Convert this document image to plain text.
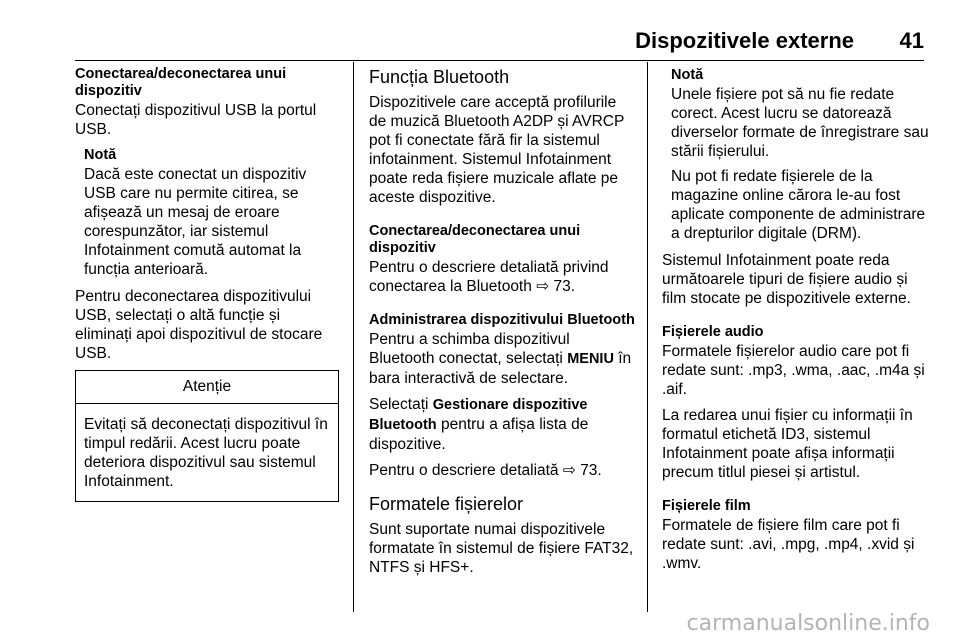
Dispozitivele externe 41
Conectarea/deconectarea unui dispozitiv

Conectați dispozitivul USB la portul USB.

Notă

Dacă este conectat un dispozitiv USB care nu permite citirea, se afișează un mesaj de eroare corespunzător, iar sistemul Infotainment comută automat la funcția anterioară.

Pentru deconectarea dispozitivului USB, selectați o altă funcție și eliminați apoi dispozitivul de stocare USB.

Atenție
Evitați să deconectați dispozitivul în timpul redării. Acest lucru poate deteriora dispozitivul sau sistemul Infotainment.
Funcția Bluetooth

Dispozitivele care acceptă profilurile de muzică Bluetooth A2DP și AVRCP pot fi conectate fără fir la sistemul infotainment. Sistemul Infotainment poate reda fișiere muzicale aflate pe aceste dispozitive.

Conectarea/deconectarea unui dispozitiv

Pentru o descriere detaliată privind conectarea la Bluetooth ⇨ 73.

Administrarea dispozitivului Bluetooth

Pentru a schimba dispozitivul Bluetooth conectat, selectați MENIU în bara interactivă de selectare.

Selectați Gestionare dispozitive Bluetooth pentru a afișa lista de dispozitive.

Pentru o descriere detaliată ⇨ 73.

Formatele fișierelor

Sunt suportate numai dispozitivele formatate în sistemul de fișiere FAT32, NTFS și HFS+.

Notă

Unele fișiere pot să nu fie redate corect. Acest lucru se datorează diverselor formate de înregistrare sau stării fișierului.

Nu pot fi redate fișierele de la magazine online cărora le-au fost aplicate componente de administrare a drepturilor digitale (DRM).

Sistemul Infotainment poate reda următoarele tipuri de fișiere audio și film stocate pe dispozitivele externe.

Fișierele audio

Formatele fișierelor audio care pot fi redate sunt: .mp3, .wma, .aac, .m4a și .aif.

La redarea unui fișier cu informații în formatul etichetă ID3, sistemul Infotainment poate afișa informații precum titlul piesei și artistul.

Fișierele film

Formatele de fișiere film care pot fi redate sunt: .avi, .mpg, .mp4, .xvid și .wmv.

carmanualsonline.info
